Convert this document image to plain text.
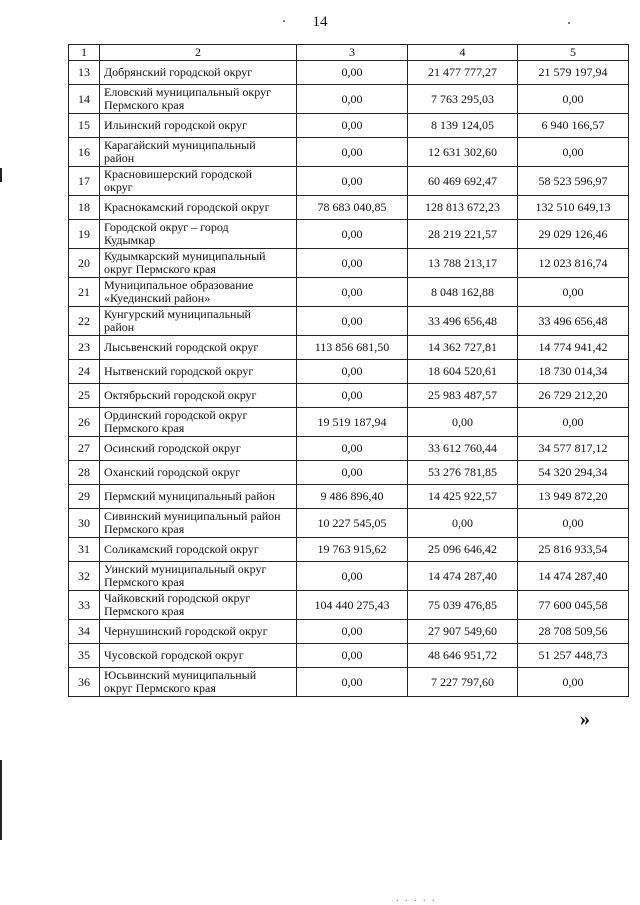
14
1	2	3	4	5
13	Добрянский городской округ	0,00	21 477 777,27	21 579 197,94
14	Еловский муниципальный округ
Пермского края	0,00	7 763 295,03	0,00
15	Ильинский городской округ	0,00	8 139 124,05	6 940 166,57
16	Карагайский муниципальный
район	0,00	12 631 302,60	0,00
17	Красновишерский городской
округ	0,00	60 469 692,47	58 523 596,97
18	Краснокамский городской округ	78 683 040,85	128 813 672,23	132 510 649,13
19	Городской округ – город
Кудымкар	0,00	28 219 221,57	29 029 126,46
20	Кудымкарский муниципальный
округ Пермского края	0,00	13 788 213,17	12 023 816,74
21	Муниципальное образование
«Куединский район»	0,00	8 048 162,88	0,00
22	Кунгурский муниципальный
район	0,00	33 496 656,48	33 496 656,48
23	Лысьвенский городской округ	113 856 681,50	14 362 727,81	14 774 941,42
24	Нытвенский городской округ	0,00	18 604 520,61	18 730 014,34
25	Октябрьский городской округ	0,00	25 983 487,57	26 729 212,20
26	Ординский городской округ
Пермского края	19 519 187,94	0,00	0,00
27	Осинский городской округ	0,00	33 612 760,44	34 577 817,12
28	Оханский городской округ	0,00	53 276 781,85	54 320 294,34
29	Пермский муниципальный район	9 486 896,40	14 425 922,57	13 949 872,20
30	Сивинский муниципальный район
Пермского края	10 227 545,05	0,00	0,00
31	Соликамский городской округ	19 763 915,62	25 096 646,42	25 816 933,54
32	Уинский муниципальный округ
Пермского края	0,00	14 474 287,40	14 474 287,40
33	Чайковский городской округ
Пермского края	104 440 275,43	75 039 476,85	77 600 045,58
34	Чернушинский городской округ	0,00	27 907 549,60	28 708 509,56
35	Чусовской городской округ	0,00	48 646 951,72	51 257 448,73
36	Юсьвинский муниципальный
округ Пермского края	0,00	7 227 797,60	0,00
»
. . . . .
